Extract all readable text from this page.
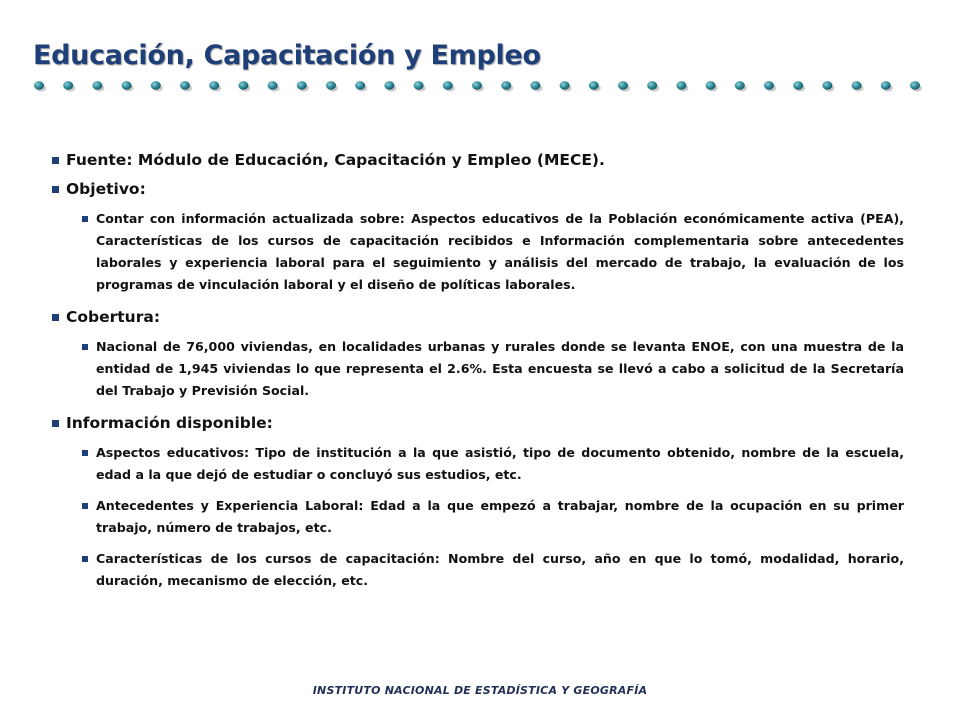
Educación, Capacitación y Empleo
Fuente: Módulo de Educación, Capacitación y Empleo (MECE).
Objetivo:
Contar con información actualizada sobre: Aspectos educativos de la Población económicamente activa (PEA), Características de los cursos de capacitación recibidos e Información complementaria sobre antecedentes laborales y experiencia laboral para el seguimiento y análisis del mercado de trabajo, la evaluación de los programas de vinculación laboral y el diseño de políticas laborales.
Cobertura:
Nacional de 76,000 viviendas, en localidades urbanas y rurales donde se levanta ENOE, con una muestra de la entidad de 1,945 viviendas lo que representa el 2.6%. Esta encuesta se llevó a cabo a solicitud de la Secretaría del Trabajo y Previsión Social.
Información disponible:
Aspectos educativos: Tipo de institución a la que asistió, tipo de documento obtenido, nombre de la escuela, edad a la que dejó de estudiar o concluyó sus estudios, etc.
Antecedentes y Experiencia Laboral: Edad a la que empezó a trabajar, nombre de la ocupación en su primer trabajo, número de trabajos, etc.
Características de los cursos de capacitación: Nombre del curso, año en que lo tomó, modalidad, horario, duración, mecanismo de elección, etc.
INSTITUTO NACIONAL DE ESTADÍSTICA Y GEOGRAFÍA
